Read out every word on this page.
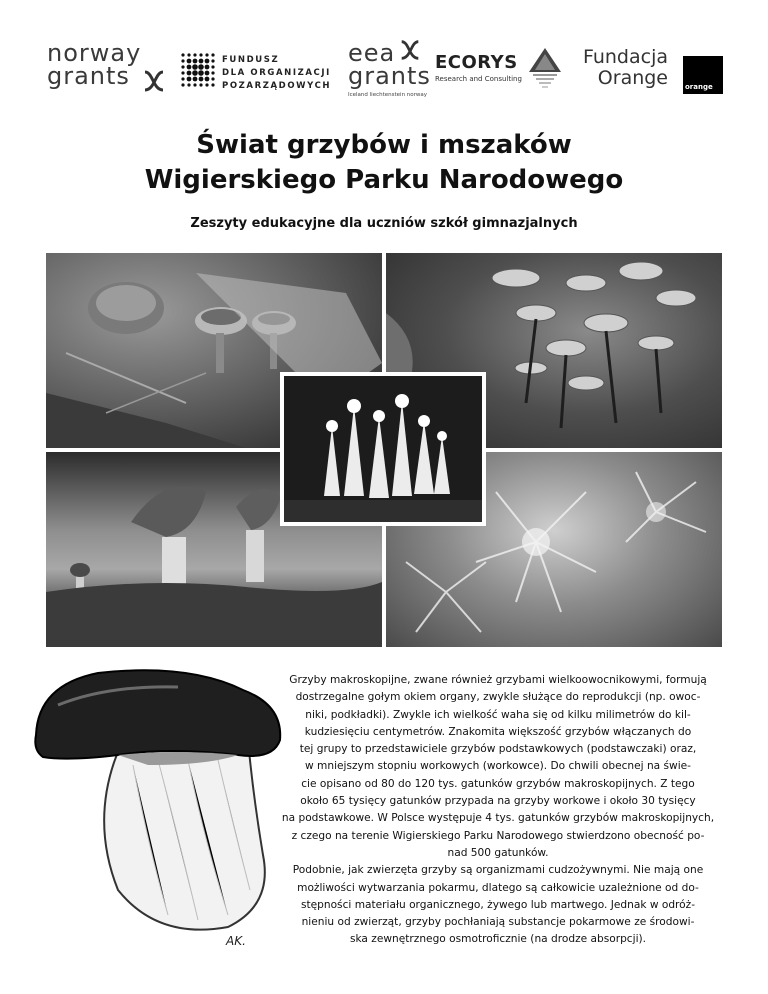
norway
grants
FUNDUSZ
DLA ORGANIZACJI
POZARZĄDOWYCH
eea
grants
Iceland liechtenstein norway
ECORYS
Research and Consulting
Fundacja
Orange orange
Świat grzybów i mszaków
Wigierskiego Parku Narodowego
Zeszyty edukacyjne dla uczniów szkół gimnazjalnych
AK.
Grzyby makroskopijne, zwane również grzybami wielkoowocnikowymi, formują
dostrzegalne gołym okiem organy, zwykle służące do reprodukcji (np. owoc-
niki, podkładki). Zwykle ich wielkość waha się od kilku milimetrów do kil-
kudziesięciu centymetrów. Znakomita większość grzybów włączanych do
tej grupy to przedstawiciele grzybów podstawkowych (podstawczaki) oraz,
w mniejszym stopniu workowych (workowce). Do chwili obecnej na świe-
cie opisano od 80 do 120 tys. gatunków grzybów makroskopijnych. Z tego
około 65 tysięcy gatunków przypada na grzyby workowe i około 30 tysięcy
na podstawkowe. W Polsce występuje 4 tys. gatunków grzybów makroskopijnych,
z czego na terenie Wigierskiego Parku Narodowego stwierdzono obecność po-
nad 500 gatunków.
Podobnie, jak zwierzęta grzyby są organizmami cudzożywnymi. Nie mają one
możliwości wytwarzania pokarmu, dlatego są całkowicie uzależnione od do-
stępności materiału organicznego, żywego lub martwego. Jednak w odróż-
nieniu od zwierząt, grzyby pochłaniają substancje pokarmowe ze środowi-
ska zewnętrznego osmotroficznie (na drodze absorpcji).
